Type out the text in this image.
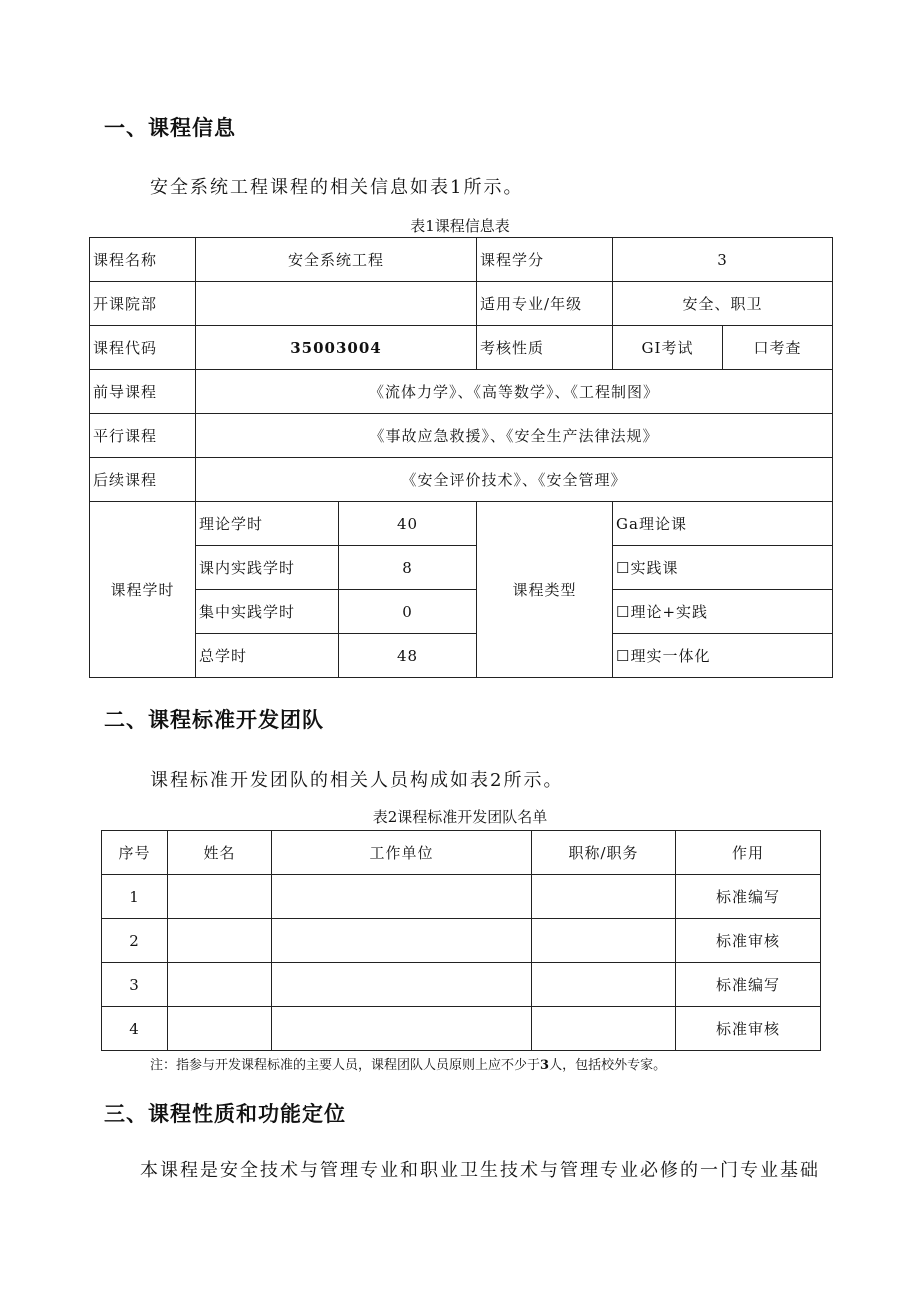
一、课程信息

安全系统工程课程的相关信息如表1所示。

表1课程信息表

课程名称	安全系统工程		课程学分	3	
开课院部			适用专业/年级	安全、职卫	
课程代码	35003004		考核性质	GI考试	口考查
前导课程	《流体力学》、《高等数学》、《工程制图》				
平行课程	《事故应急救援》、《安全生产法律法规》				
后续课程	《安全评价技术》、《安全管理》				
课程学时	理论学时	40	课程类型	Ga理论课	
	课内实践学时	8		☐实践课	
	集中实践学时	0		☐理论+实践	
	总学时	48		☐理实一体化	
二、课程标准开发团队

课程标准开发团队的相关人员构成如表2所示。

表2课程标准开发团队名单

序号	姓名	工作单位	职称/职务	作用
1				标准编写
2				标准审核
3				标准编写
4				标准审核

注：指参与开发课程标准的主要人员，课程团队人员原则上应不少于3人，包括校外专家。

三、课程性质和功能定位

本课程是安全技术与管理专业和职业卫生技术与管理专业必修的一门专业基础
